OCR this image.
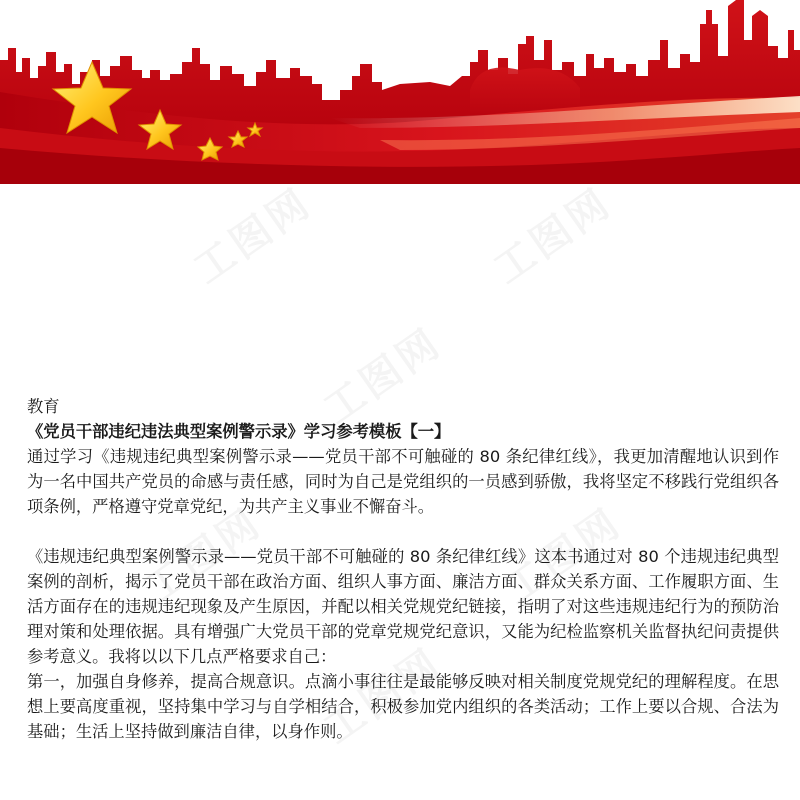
工图网	工图网
工图网
工图网	工图网
工图网

教育

《党员干部违纪违法典型案例警示录》学习参考模板【一】

通过学习《违规违纪典型案例警示录——党员干部不可触碰的 80 条纪律红线》，我更加清醒地认识到作为一名中国共产党员的命感与责任感，同时为自己是党组织的一员感到骄傲，我将坚定不移践行党组织各项条例，严格遵守党章党纪，为共产主义事业不懈奋斗。

《违规违纪典型案例警示录——党员干部不可触碰的 80 条纪律红线》这本书通过对 80 个违规违纪典型案例的剖析，揭示了党员干部在政治方面、组织人事方面、廉洁方面、群众关系方面、工作履职方面、生活方面存在的违规违纪现象及产生原因，并配以相关党规党纪链接，指明了对这些违规违纪行为的预防治理对策和处理依据。具有增强广大党员干部的党章党规党纪意识，又能为纪检监察机关监督执纪问责提供参考意义。我将以以下几点严格要求自己：

第一，加强自身修养，提高合规意识。点滴小事往往是最能够反映对相关制度党规党纪的理解程度。在思想上要高度重视，坚持集中学习与自学相结合，积极参加党内组织的各类活动；工作上要以合规、合法为基础；生活上坚持做到廉洁自律，以身作则。
